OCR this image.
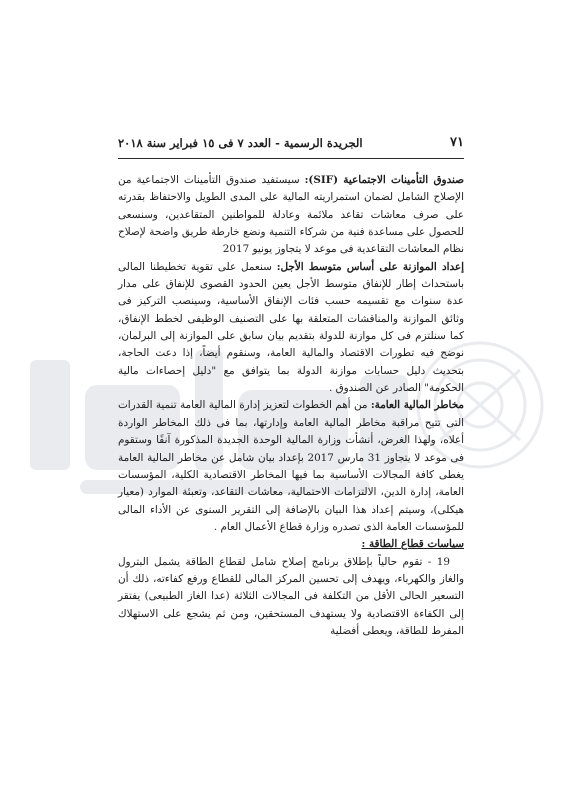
٧١
الجريدة الرسمية - العدد ٧ فى ١٥ فبراير سنة ٢٠١٨

صندوق التأمينات الاجتماعية (SIF): سيستفيد صندوق التأمينات الاجتماعية من الإصلاح الشامل لضمان استمراريته المالية على المدى الطويل والاحتفاظ بقدرته على صرف معاشات تقاعد ملائمة وعادلة للمواطنين المتقاعدين، وسنسعى للحصول على مساعدة فنية من شركاء التنمية ونضع خارطة طريق واضحة لإصلاح نظام المعاشات التقاعدية فى موعد لا يتجاوز يونيو 2017

إعداد الموازنة على أساس متوسط الأجل: سنعمل على تقوية تخطيطنا المالى باستحداث إطار للإنفاق متوسط الأجل يعين الحدود القصوى للإنفاق على مدار عدة سنوات مع تقسيمه حسب فئات الإنفاق الأساسية، وسينصب التركيز فى وثائق الموازنة والمناقشات المتعلقة بها على التصنيف الوظيفى لخطط الإنفاق، كما سنلتزم فى كل موازنة للدولة بتقديم بيان سابق على الموازنة إلى البرلمان، نوضح فيه تطورات الاقتصاد والمالية العامة، وسنقوم أيضاً، إذا دعت الحاجة، بتحديث دليل حسابات موازنة الدولة بما يتوافق مع "دليل إحصاءات مالية الحكومة" الصادر عن الصندوق .

مخاطر المالية العامة: من أهم الخطوات لتعزيز إدارة المالية العامة تنمية القدرات التى تتيح مراقبة مخاطر المالية العامة وإدارتها، بما فى ذلك المخاطر الواردة أعلاه، ولهذا الغرض، أنشأت وزارة المالية الوحدة الجديدة المذكورة آنفًا وستقوم فى موعد لا يتجاوز 31 مارس 2017 بإعداد بيان شامل عن مخاطر المالية العامة يغطى كافة المجالات الأساسية بما فيها المخاطر الاقتصادية الكلية، المؤسسات العامة، إدارة الدين، الالتزامات الاحتمالية، معاشات التقاعد، وتعبئة الموارد (معيار هيكلى)، وسيتم إعداد هذا البيان بالإضافة إلى التقرير السنوى عن الأداء المالى للمؤسسات العامة الذى تصدره وزارة قطاع الأعمال العام .

سياسات قطاع الطاقة :

19 - تقوم حالياً بإطلاق برنامج إصلاح شامل لقطاع الطاقة يشمل البترول والغاز والكهرباء، ويهدف إلى تحسين المركز المالى للقطاع ورفع كفاءته، ذلك أن التسعير الحالى الأقل من التكلفة فى المجالات الثلاثة (عدا الغاز الطبيعى) يفتقر إلى الكفاءة الاقتصادية ولا يستهدف المستحقين، ومن ثم يشجع على الاستهلاك المفرط للطاقة، ويعطى أفضلية
